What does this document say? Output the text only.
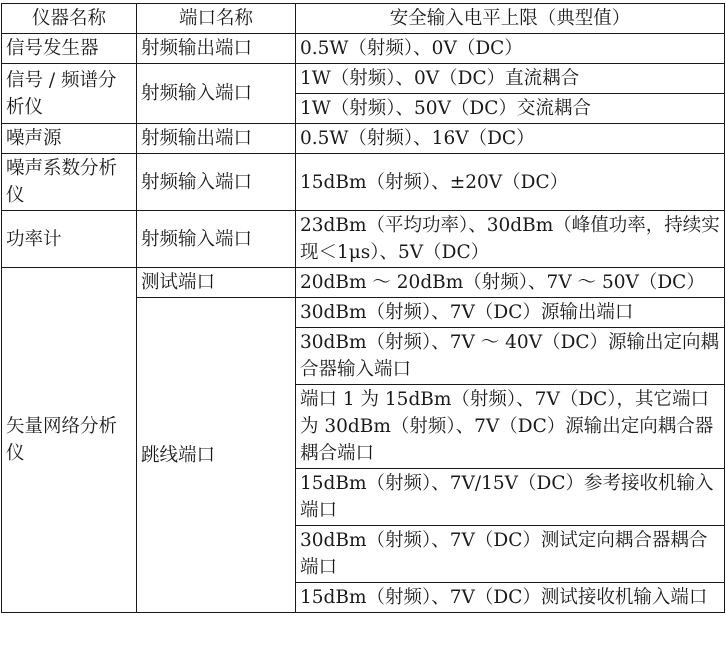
仪器名称	端口名称	安全输入电平上限（典型值）
信号发生器	射频输出端口	0.5W（射频）、0V（DC）
信号 / 频谱分析仪	射频输入端口	1W（射频）、0V（DC）直流耦合
		1W（射频）、50V（DC）交流耦合
噪声源	射频输出端口	0.5W（射频）、16V（DC）
噪声系数分析仪	射频输入端口	15dBm（射频）、±20V（DC）
功率计	射频输入端口	23dBm（平均功率）、30dBm（峰值功率，持续实现＜1μs）、5V（DC）
矢量网络分析仪	测试端口	20dBm ～ 20dBm（射频）、7V ～ 50V（DC）
	跳线端口	30dBm（射频）、7V（DC）源输出端口
		30dBm（射频）、7V ～ 40V（DC）源输出定向耦合器输入端口
		端口 1 为 15dBm（射频）、7V（DC），其它端口为 30dBm（射频）、7V（DC）源输出定向耦合器耦合端口
		15dBm（射频）、7V/15V（DC）参考接收机输入端口
		30dBm（射频）、7V（DC）测试定向耦合器耦合端口
		15dBm（射频）、7V（DC）测试接收机输入端口
